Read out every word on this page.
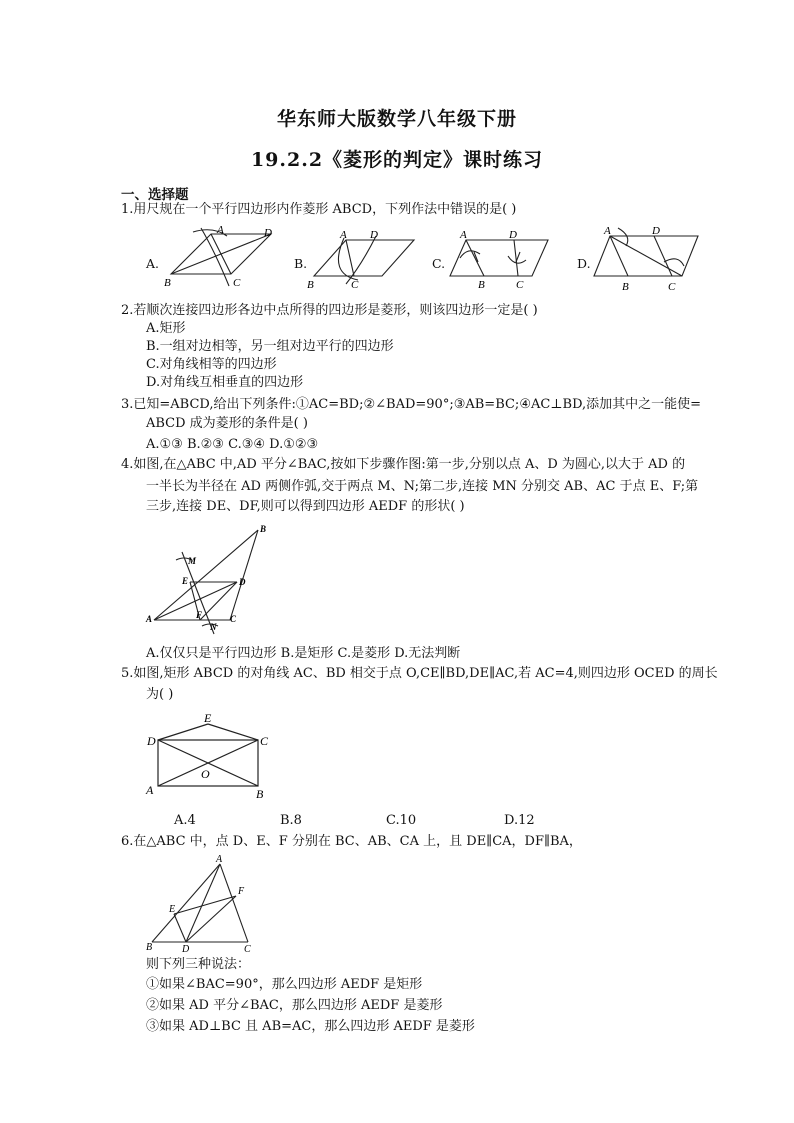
华东师大版数学八年级下册
19.2.2《菱形的判定》课时练习
一、选择题
1.用尺规在一个平行四边形内作菱形 ABCD，下列作法中错误的是( )
A.
A	D
B	C
B.
A D
B	C
C.
A	D
B	C
D.
A	D
B	C
2.若顺次连接四边形各边中点所得的四边形是菱形，则该四边形一定是( )
A.矩形
B.一组对边相等，另一组对边平行的四边形
C.对角线相等的四边形
D.对角线互相垂直的四边形
3.已知=ABCD,给出下列条件:①AC=BD;②∠BAD=90°;③AB=BC;④AC⊥BD,添加其中之一能使=
ABCD 成为菱形的条件是( )
A.①③ B.②③ C.③④ D.①②③
4.如图,在△ABC 中,AD 平分∠BAC,按如下步骤作图:第一步,分别以点 A、D 为圆心,以大于 AD 的
一半长为半径在 AD 两侧作弧,交于两点 M、N;第二步,连接 MN 分别交 AB、AC 于点 E、F;第
三步,连接 DE、DF,则可以得到四边形 AEDF 的形状( )
B
M
E	D
A	F	C
N
A.仅仅只是平行四边形 B.是矩形 C.是菱形 D.无法判断
5.如图,矩形 ABCD 的对角线 AC、BD 相交于点 O,CE∥BD,DE∥AC,若 AC=4,则四边形 OCED 的周长
为( )
E
D	C
O
A	B
A.4	B.8	C.10	D.12
6.在△ABC 中，点 D、E、F 分别在 BC、AB、CA 上，且 DE∥CA，DF∥BA，
A
E
F
B	D	C
则下列三种说法：
①如果∠BAC=90°，那么四边形 AEDF 是矩形
②如果 AD 平分∠BAC，那么四边形 AEDF 是菱形
③如果 AD⊥BC 且 AB=AC，那么四边形 AEDF 是菱形
